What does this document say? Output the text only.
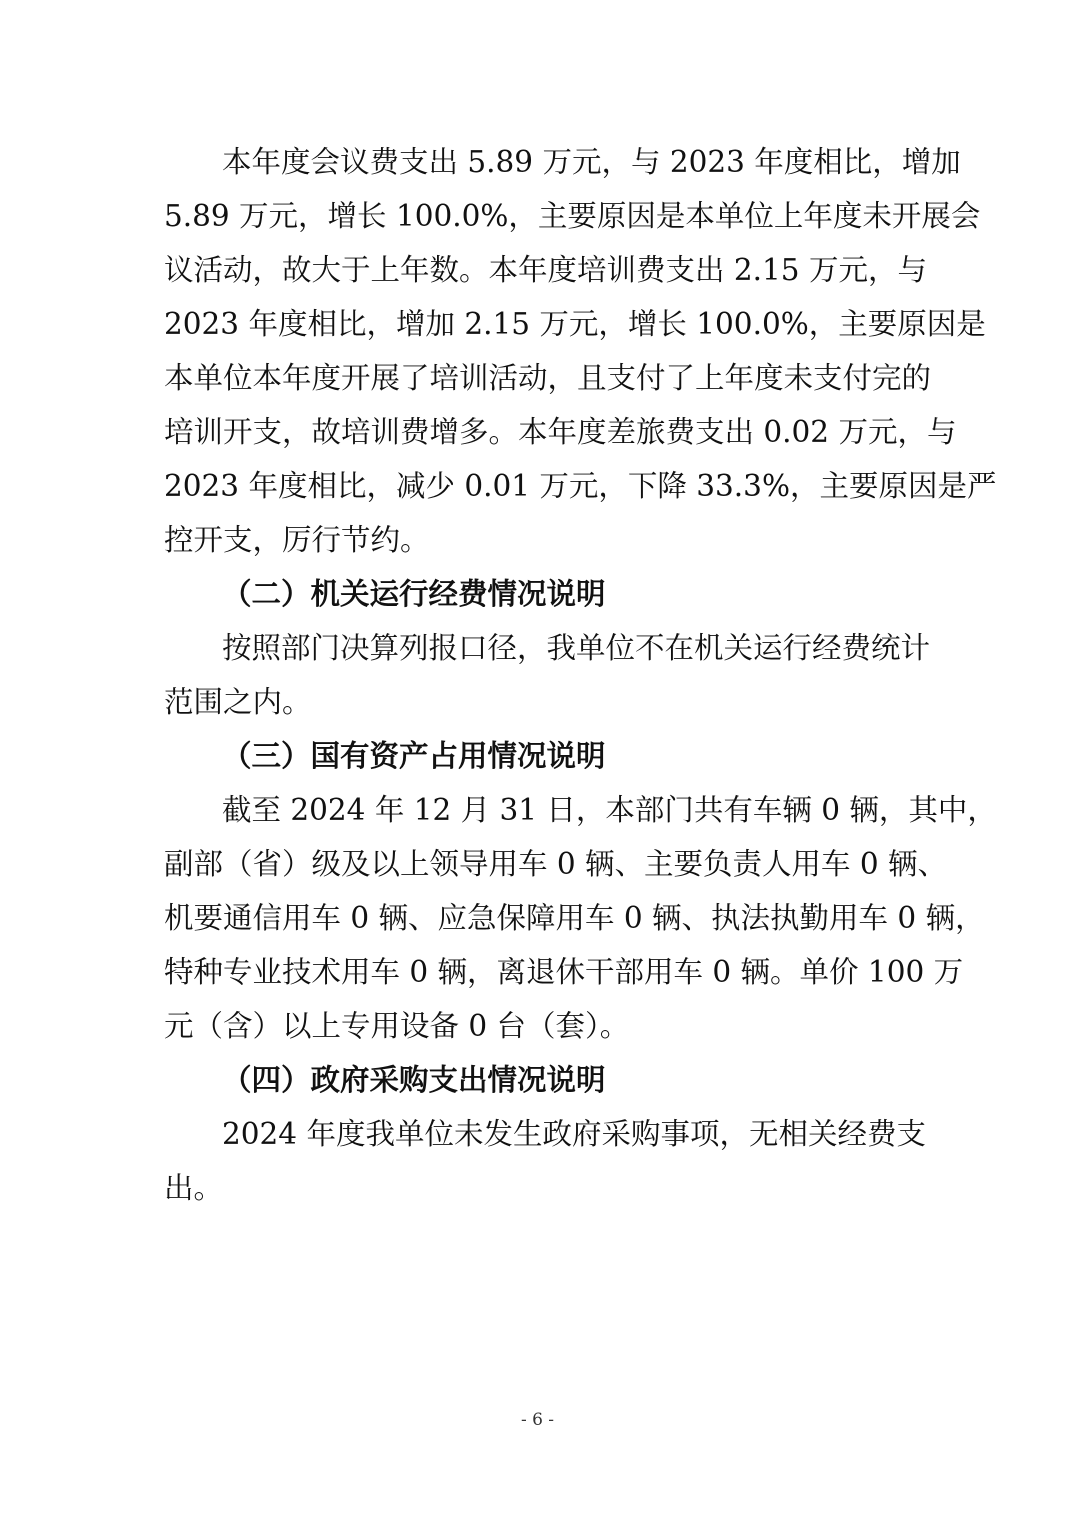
本年度会议费支出 5.89 万元，与 2023 年度相比，增加
5.89 万元，增长 100.0%，主要原因是本单位上年度未开展会
议活动，故大于上年数。本年度培训费支出 2.15 万元，与
2023 年度相比，增加 2.15 万元，增长 100.0%，主要原因是
本单位本年度开展了培训活动，且支付了上年度未支付完的
培训开支，故培训费增多。本年度差旅费支出 0.02 万元，与
2023 年度相比，减少 0.01 万元，下降 33.3%，主要原因是严
控开支，厉行节约。
（二）机关运行经费情况说明
按照部门决算列报口径，我单位不在机关运行经费统计
范围之内。
（三）国有资产占用情况说明
截至 2024 年 12 月 31 日，本部门共有车辆 0 辆，其中，
副部（省）级及以上领导用车 0 辆、主要负责人用车 0 辆、
机要通信用车 0 辆、应急保障用车 0 辆、执法执勤用车 0 辆，
特种专业技术用车 0 辆，离退休干部用车 0 辆。单价 100 万
元（含）以上专用设备 0 台（套）。
（四）政府采购支出情况说明
2024 年度我单位未发生政府采购事项，无相关经费支
出。
- 6 -
